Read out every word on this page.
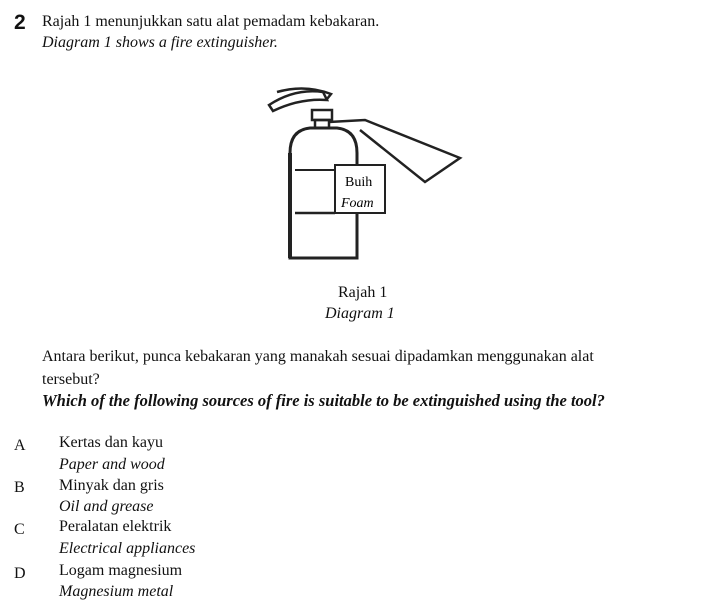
2 Rajah 1 menunjukkan satu alat pemadam kebakaran.
Diagram 1 shows a fire extinguisher.
Buih
Foam
Rajah 1
Diagram 1
Antara berikut, punca kebakaran yang manakah sesuai dipadamkan menggunakan alat
tersebut?
Which of the following sources of fire is suitable to be extinguished using the tool?
A Kertas dan kayu
Paper and wood
B Minyak dan gris
Oil and grease
C Peralatan elektrik
Electrical appliances
D Logam magnesium
Magnesium metal
